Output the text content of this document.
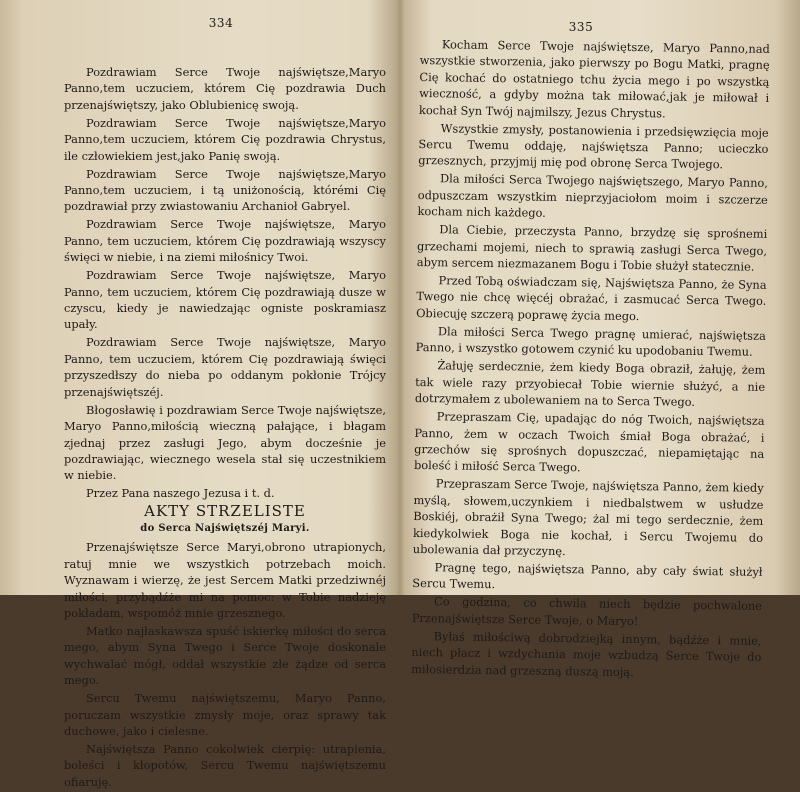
334

Pozdrawiam Serce Twoje najświętsze,Maryo Panno,tem uczuciem, którem Cię pozdrawia Duch przenajświętszy, jako Oblubienicę swoją.

Pozdrawiam Serce Twoje najświętsze,Maryo Panno,tem uczuciem, którem Cię pozdrawia Chrystus, ile człowiekiem jest,jako Panię swoją.

Pozdrawiam Serce Twoje najświętsze,Maryo Panno,tem uczuciem, i tą uniżonością, którémi Cię pozdrawiał przy zwiastowaniu Archanioł Gabryel.

Pozdrawiam Serce Twoje najświętsze, Maryo Panno, tem uczuciem, którem Cię pozdrawiają wszyscy święci w niebie, i na ziemi miłośnicy Twoi.

Pozdrawiam Serce Twoje najświętsze, Maryo Panno, tem uczuciem, którem Cię pozdrawiają dusze w czyscu, kiedy je nawiedzając ogniste poskramiasz upały.

Pozdrawiam Serce Twoje najświętsze, Maryo Panno, tem uczuciem, którem Cię pozdrawiają święci przyszedłszy do nieba po oddanym pokłonie Trójcy przenajświętszéj.

Błogosławię i pozdrawiam Serce Twoje najświętsze, Maryo Panno,miłością wieczną pałające, i błagam zjednaj przez zasługi Jego, abym docześnie je pozdrawiając, wiecznego wesela stał się uczestnikiem w niebie.

Przez Pana naszego Jezusa i t. d.

AKTY STRZELISTE

do Serca Najświętszéj Maryi.

Przenajświętsze Serce Maryi,obrono utrapionych, ratuj mnie we wszystkich potrzebach moich. Wyznawam i wierzę, że jest Sercem Matki przedziwnéj miłości, przybądźże mi na pomoc: w Tobie nadzieję pokładam, wspomóż mnie grzesznego.

Matko najłaskawsza spuść iskierkę miłości do serca mego, abym Syna Twego i Serce Twoje doskonale wychwalać mógł, oddał wszystkie złe żądze od serca mego.

Sercu Twemu najświętszemu, Maryo Panno, poruczam wszystkie zmysły moje, oraz sprawy tak duchowe, jako i cielesne.

Najświętsza Panno cokolwiek cierpię: utrapienia, boleści i kłopotów, Sercu Twemu najświętszemu ofiaruję.

335

Kocham Serce Twoje najświętsze, Maryo Panno,nad wszystkie stworzenia, jako pierwszy po Bogu Matki, pragnę Cię kochać do ostatniego tchu życia mego i po wszystką wieczność, a gdyby można tak miłować,jak je miłował i kochał Syn Twój najmilszy, Jezus Chrystus.

Wszystkie zmysły, postanowienia i przedsięwzięcia moje Sercu Twemu oddaję, najświętsza Panno; ucieczko grzesznych, przyjmij mię pod obronę Serca Twojego.

Dla miłości Serca Twojego najświętszego, Maryo Panno, odpuszczam wszystkim nieprzyjaciołom moim i szczerze kocham nich każdego.

Dla Ciebie, przeczysta Panno, brzydzę się sprośnemi grzechami mojemi, niech to sprawią zasługi Serca Twego, abym sercem niezmazanem Bogu i Tobie służył statecznie.

Przed Tobą oświadczam się, Najświętsza Panno, że Syna Twego nie chcę więcéj obrażać, i zasmucać Serca Twego. Obiecuję szczerą poprawę życia mego.

Dla miłości Serca Twego pragnę umierać, najświętsza Panno, i wszystko gotowem czynić ku upodobaniu Twemu.

Żałuję serdecznie, żem kiedy Boga obraził, żałuję, żem tak wiele razy przyobiecał Tobie wiernie służyć, a nie dotrzymałem z ubolewaniem na to Serca Twego.

Przepraszam Cię, upadając do nóg Twoich, najświętsza Panno, żem w oczach Twoich śmiał Boga obrażać, i grzechów się sprośnych dopuszczać, niepamiętając na boleść i miłość Serca Twego.

Przepraszam Serce Twoje, najświętsza Panno, żem kiedy myślą, słowem,uczynkiem i niedbalstwem w usłudze Boskiéj, obrażił Syna Twego; żal mi tego serdecznie, żem kiedykolwiek Boga nie kochał, i Sercu Twojemu do ubolewania dał przyczynę.

Pragnę tego, najświętsza Panno, aby cały świat służył Sercu Twemu.

Co godzina, co chwila niech będzie pochwalone Przenajświętsze Serce Twoje, o Maryo!

Byłaś miłościwą dobrodziejką innym, bądźże i mnie, niech płacz i wzdychania moje wzbudzą Serce Twoje do miłosierdzia nad grzeszną duszą moją.
